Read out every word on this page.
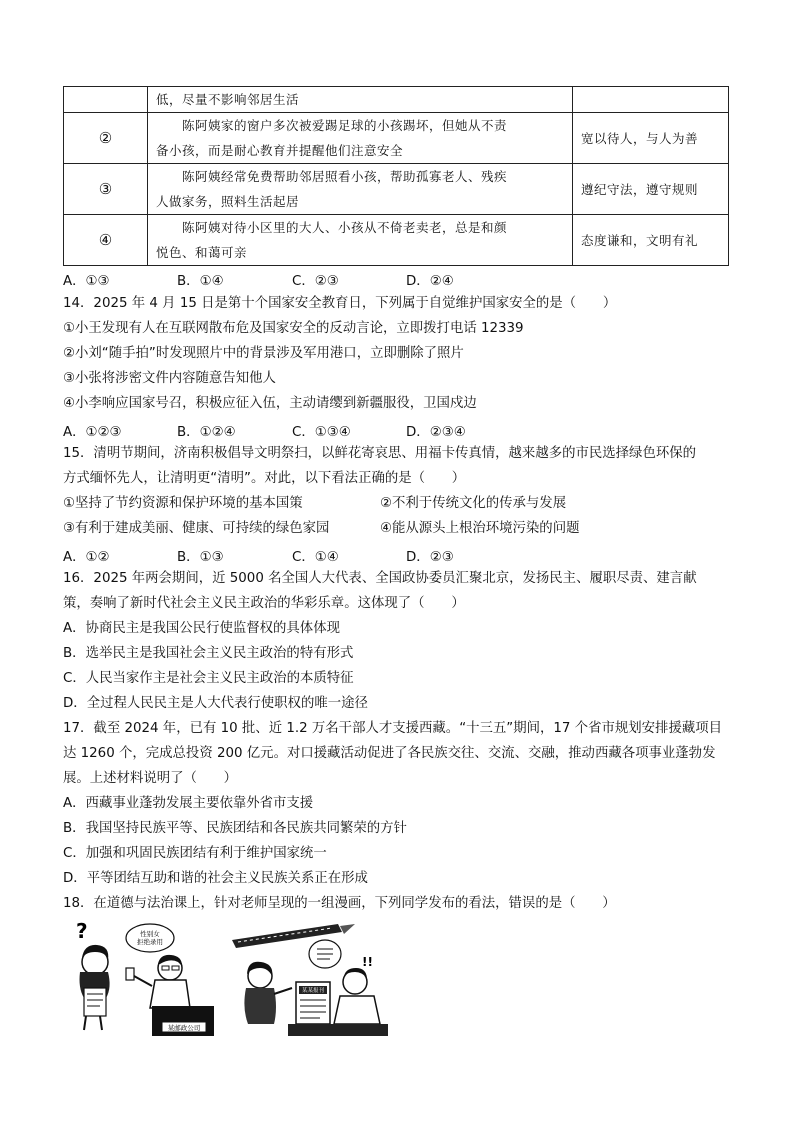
	低，尽量不影响邻居生活	
②	陈阿姨家的窗户多次被爱踢足球的小孩踢坏，但她从不责
备小孩，而是耐心教育并提醒他们注意安全	宽以待人，与人为善
③	陈阿姨经常免费帮助邻居照看小孩，帮助孤寡老人、残疾
人做家务，照料生活起居	遵纪守法，遵守规则
④	陈阿姨对待小区里的大人、小孩从不倚老卖老，总是和颜
悦色、和蔼可亲	态度谦和，文明有礼
A．①③	B．①④	C．②③	D．②④
14．2025 年 4 月 15 日是第十个国家安全教育日，下列属于自觉维护国家安全的是（　　）
①小王发现有人在互联网散布危及国家安全的反动言论，立即拨打电话 12339
②小刘“随手拍”时发现照片中的背景涉及军用港口，立即删除了照片
③小张将涉密文件内容随意告知他人
④小李响应国家号召，积极应征入伍，主动请缨到新疆服役，卫国戍边
A．①②③	B．①②④	C．①③④	D．②③④
15．清明节期间，济南积极倡导文明祭扫，以鲜花寄哀思、用福卡传真情，越来越多的市民选择绿色环保的
方式缅怀先人，让清明更“清明”。对此，以下看法正确的是（　　）
①坚持了节约资源和保护环境的基本国策	②不利于传统文化的传承与发展
③有利于建成美丽、健康、可持续的绿色家园	④能从源头上根治环境污染的问题
A．①②	B．①③	C．①④	D．②③
16．2025 年两会期间，近 5000 名全国人大代表、全国政协委员汇聚北京，发扬民主、履职尽责、建言献
策，奏响了新时代社会主义民主政治的华彩乐章。这体现了（　　）
A．协商民主是我国公民行使监督权的具体体现
B．选举民主是我国社会主义民主政治的特有形式
C．人民当家作主是社会主义民主政治的本质特征
D．全过程人民民主是人大代表行使职权的唯一途径
17．截至 2024 年，已有 10 批、近 1.2 万名干部人才支援西藏。“十三五”期间，17 个省市规划安排援藏项目
达 1260 个，完成总投资 200 亿元。对口援藏活动促进了各民族交往、交流、交融，推动西藏各项事业蓬勃发
展。上述材料说明了（　　）
A．西藏事业蓬勃发展主要依靠外省市支援
B．我国坚持民族平等、民族团结和各民族共同繁荣的方针
C．加强和巩固民族团结有利于维护国家统一
D．平等团结互助和谐的社会主义民族关系正在形成
18．在道德与法治课上，针对老师呈现的一组漫画，下列同学发布的看法，错误的是（　　）
?	性别女拒绝录用
某邮政公司
!!
某某报刊
